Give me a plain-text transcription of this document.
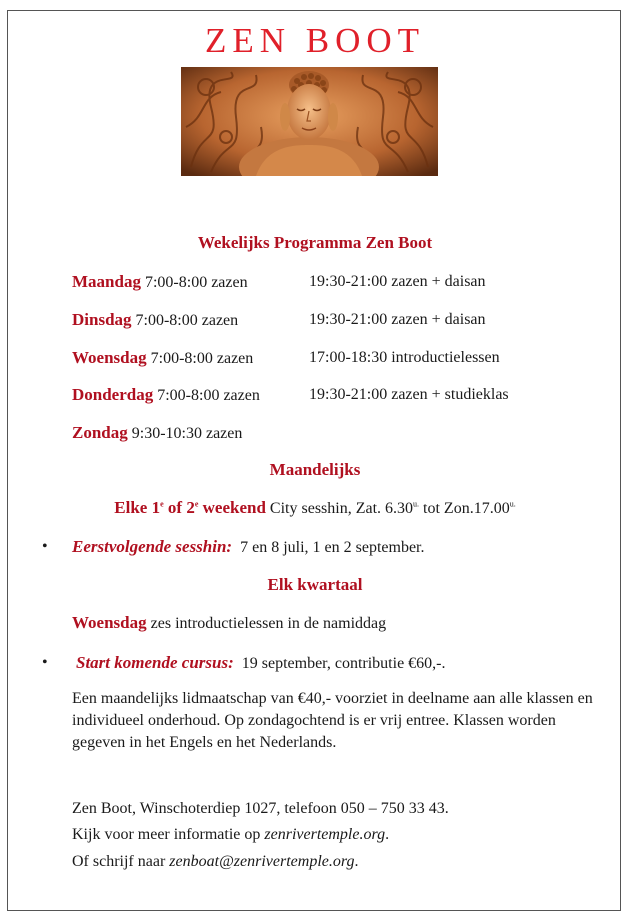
ZEN BOOT
Wekelijks Programma Zen Boot
Maandag 7:00-8:00 zazen	19:30-21:00 zazen + daisan
Dinsdag 7:00-8:00 zazen	19:30-21:00 zazen + daisan
Woensdag 7:00-8:00 zazen	17:00-18:30 introductielessen
Donderdag 7:00-8:00 zazen	19:30-21:00 zazen + studieklas
Zondag 9:30-10:30 zazen
Maandelijks
Elke 1e of 2e weekend City sesshin, Zat. $6.30^{u.}$ tot $Zon.17.00^{u.}$
• Eerstvolgende sesshin: 7 en 8 juli, 1 en 2 september.
Elk kwartaal
Woensdag zes introductielessen in de namiddag
• Start komende cursus: 19 september, contributie €60,-.
Een maandelijks lidmaatschap van €40,- voorziet in deelname aan alle klassen en individueel onderhoud. Op zondagochtend is er vrij entree. Klassen worden gegeven in het Engels en het Nederlands.
Zen Boot, Winschoterdiep 1027, telefoon 050 – 750 33 43.
Kijk voor meer informatie op zenrivertemple.org.
Of schrijf naar zenboat@zenrivertemple.org.
